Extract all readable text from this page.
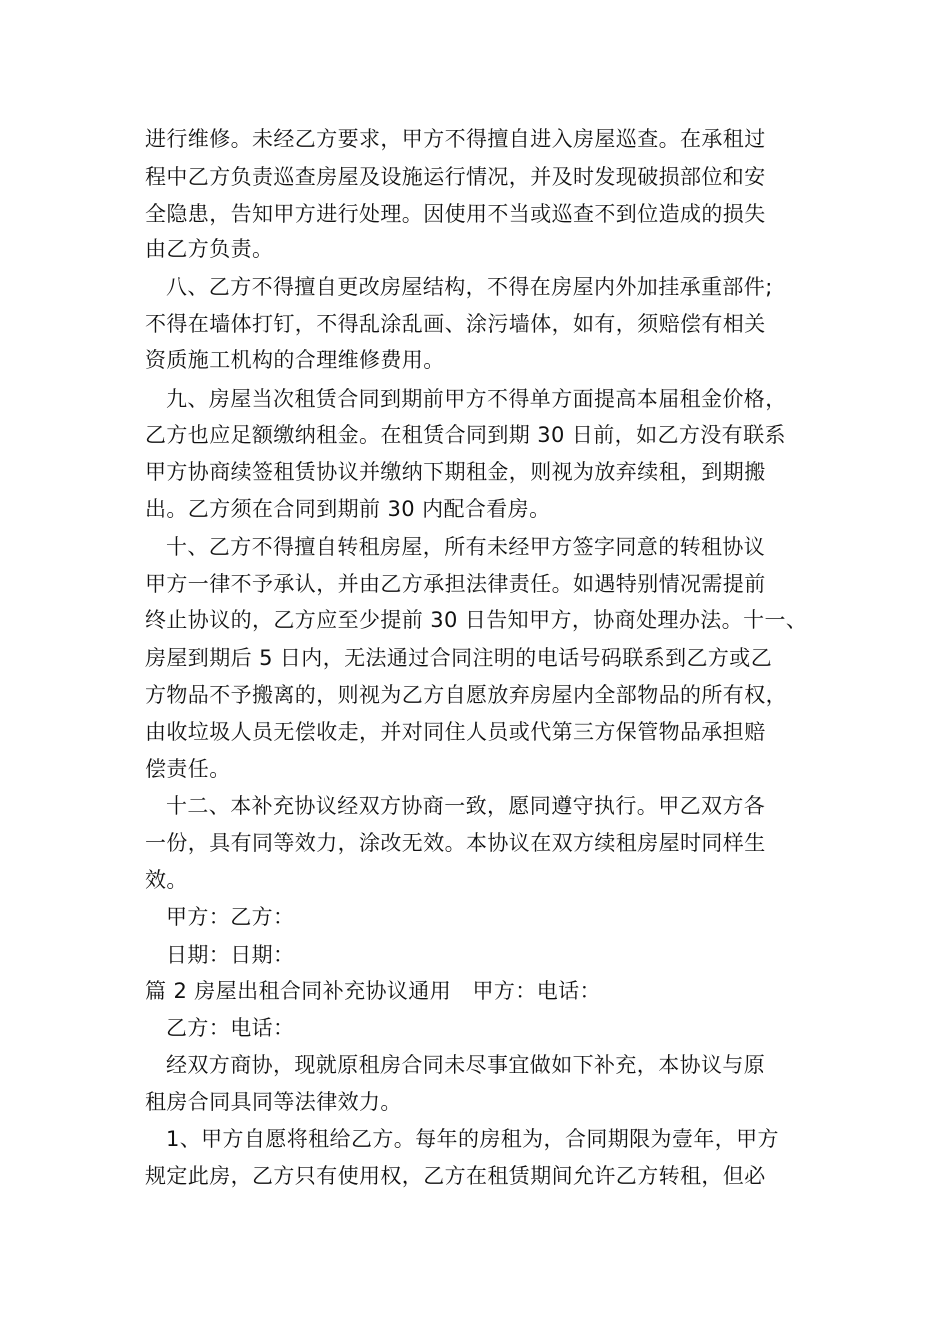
进行维修。未经乙方要求，甲方不得擅自进入房屋巡查。在承租过
程中乙方负责巡查房屋及设施运行情况，并及时发现破损部位和安
全隐患，告知甲方进行处理。因使用不当或巡查不到位造成的损失
由乙方负责。
八、乙方不得擅自更改房屋结构，不得在房屋内外加挂承重部件;
不得在墙体打钉，不得乱涂乱画、涂污墙体，如有，须赔偿有相关
资质施工机构的合理维修费用。
九、房屋当次租赁合同到期前甲方不得单方面提高本届租金价格，
乙方也应足额缴纳租金。在租赁合同到期 30 日前，如乙方没有联系
甲方协商续签租赁协议并缴纳下期租金，则视为放弃续租，到期搬
出。乙方须在合同到期前 30 内配合看房。
十、乙方不得擅自转租房屋，所有未经甲方签字同意的转租协议
甲方一律不予承认，并由乙方承担法律责任。如遇特别情况需提前
终止协议的，乙方应至少提前 30 日告知甲方，协商处理办法。十一、
房屋到期后 5 日内，无法通过合同注明的电话号码联系到乙方或乙
方物品不予搬离的，则视为乙方自愿放弃房屋内全部物品的所有权，
由收垃圾人员无偿收走，并对同住人员或代第三方保管物品承担赔
偿责任。
十二、本补充协议经双方协商一致，愿同遵守执行。甲乙双方各
一份，具有同等效力，涂改无效。本协议在双方续租房屋时同样生
效。
甲方：乙方：
日期：日期：
篇 2 房屋出租合同补充协议通用　甲方：电话：
乙方：电话：
经双方商协，现就原租房合同未尽事宜做如下补充，本协议与原
租房合同具同等法律效力。
1、甲方自愿将租给乙方。每年的房租为，合同期限为壹年，甲方
规定此房，乙方只有使用权，乙方在租赁期间允许乙方转租，但必
